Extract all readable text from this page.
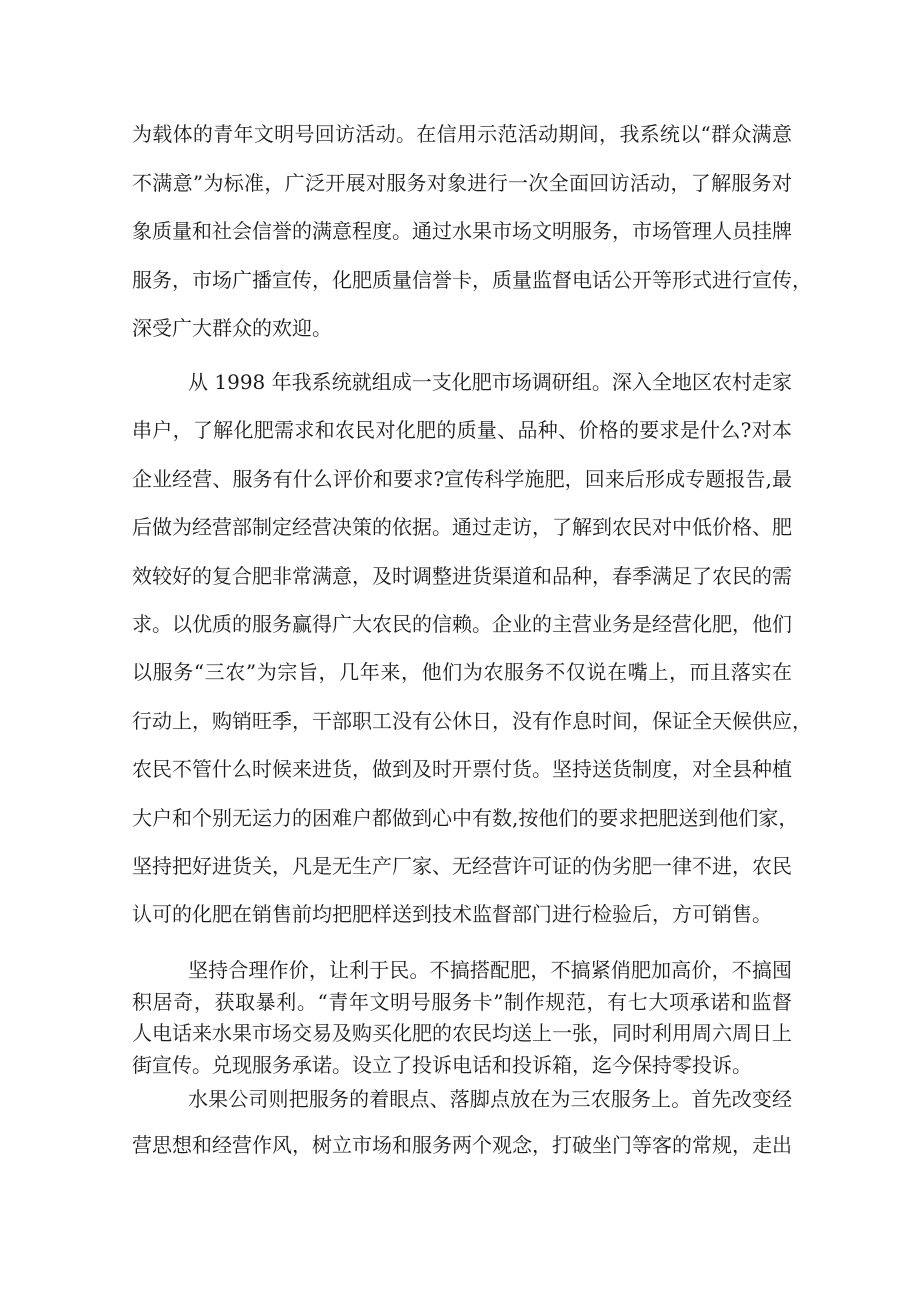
为载体的青年文明号回访活动。在信用示范活动期间，我系统以“群众满意
不满意”为标准，广泛开展对服务对象进行一次全面回访活动，了解服务对
象质量和社会信誉的满意程度。通过水果市场文明服务，市场管理人员挂牌
服务，市场广播宣传，化肥质量信誉卡，质量监督电话公开等形式进行宣传，
深受广大群众的欢迎。
从 1998 年我系统就组成一支化肥市场调研组。深入全地区农村走家
串户，了解化肥需求和农民对化肥的质量、品种、价格的要求是什么?对本
企业经营、服务有什么评价和要求?宣传科学施肥，回来后形成专题报告,最
后做为经营部制定经营决策的依据。通过走访，了解到农民对中低价格、肥
效较好的复合肥非常满意，及时调整进货渠道和品种，春季满足了农民的需
求。以优质的服务赢得广大农民的信赖。企业的主营业务是经营化肥，他们
以服务“三农”为宗旨，几年来，他们为农服务不仅说在嘴上，而且落实在
行动上，购销旺季，干部职工没有公休日，没有作息时间，保证全天候供应，
农民不管什么时候来进货，做到及时开票付货。坚持送货制度，对全县种植
大户和个别无运力的困难户都做到心中有数,按他们的要求把肥送到他们家，
坚持把好进货关，凡是无生产厂家、无经营许可证的伪劣肥一律不进，农民
认可的化肥在销售前均把肥样送到技术监督部门进行检验后，方可销售。
坚持合理作价，让利于民。不搞搭配肥，不搞紧俏肥加高价，不搞囤
积居奇，获取暴利。“青年文明号服务卡”制作规范，有七大项承诺和监督
人电话来水果市场交易及购买化肥的农民均送上一张，同时利用周六周日上
街宣传。兑现服务承诺。设立了投诉电话和投诉箱，迄今保持零投诉。
水果公司则把服务的着眼点、落脚点放在为三农服务上。首先改变经
营思想和经营作风，树立市场和服务两个观念，打破坐门等客的常规，走出
